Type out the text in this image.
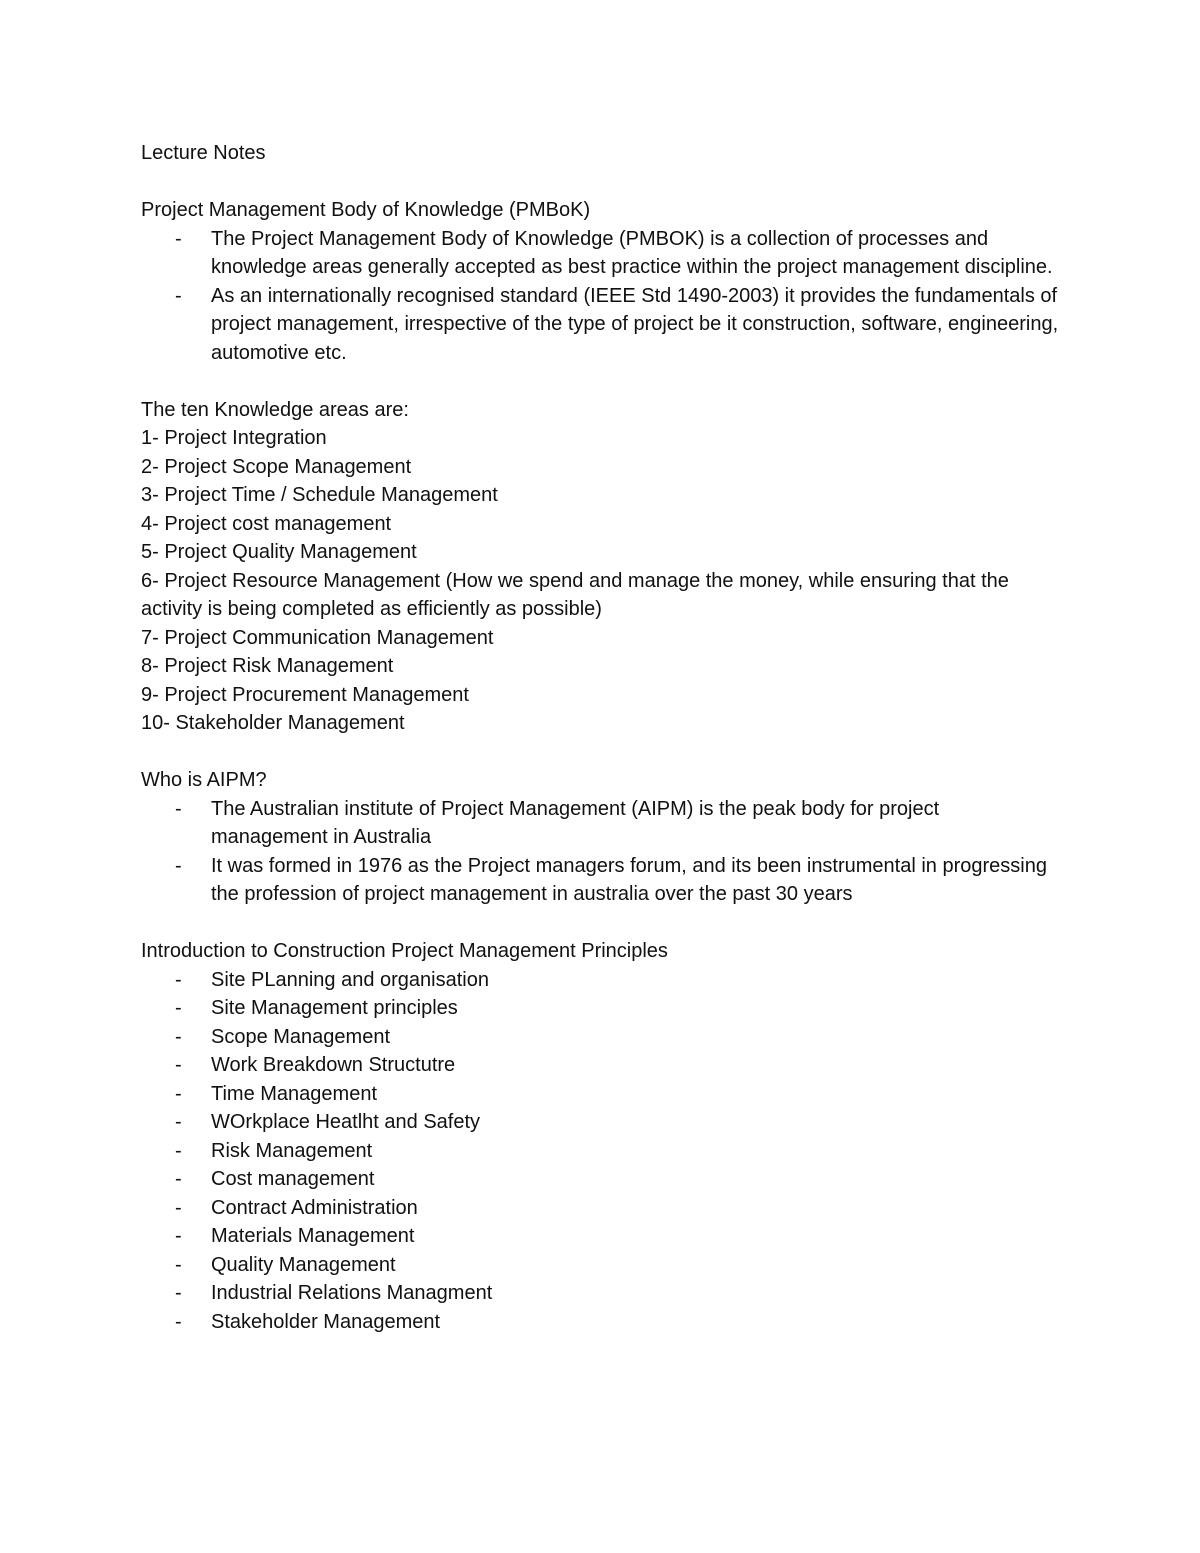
Lecture Notes

Project Management Body of Knowledge (PMBoK)

- The Project Management Body of Knowledge (PMBOK) is a collection of processes and knowledge areas generally accepted as best practice within the project management discipline.
- As an internationally recognised standard (IEEE Std 1490-2003) it provides the fundamentals of project management, irrespective of the type of project be it construction, software, engineering, automotive etc.

The ten Knowledge areas are:

1- Project Integration
2- Project Scope Management
3- Project Time / Schedule Management
4- Project cost management
5- Project Quality Management
6- Project Resource Management (How we spend and manage the money, while ensuring that the activity is being completed as efficiently as possible)
7- Project Communication Management
8- Project Risk Management
9- Project Procurement Management
10- Stakeholder Management

Who is AIPM?

- The Australian institute of Project Management (AIPM) is the peak body for project management in Australia
- It was formed in 1976 as the Project managers forum, and its been instrumental in progressing the profession of project management in australia over the past 30 years

Introduction to Construction Project Management Principles

- Site PLanning and organisation
- Site Management principles
- Scope Management
- Work Breakdown Structutre
- Time Management
- WOrkplace Heatlht and Safety
- Risk Management
- Cost management
- Contract Administration
- Materials Management
- Quality Management
- Industrial Relations Managment
- Stakeholder Management
